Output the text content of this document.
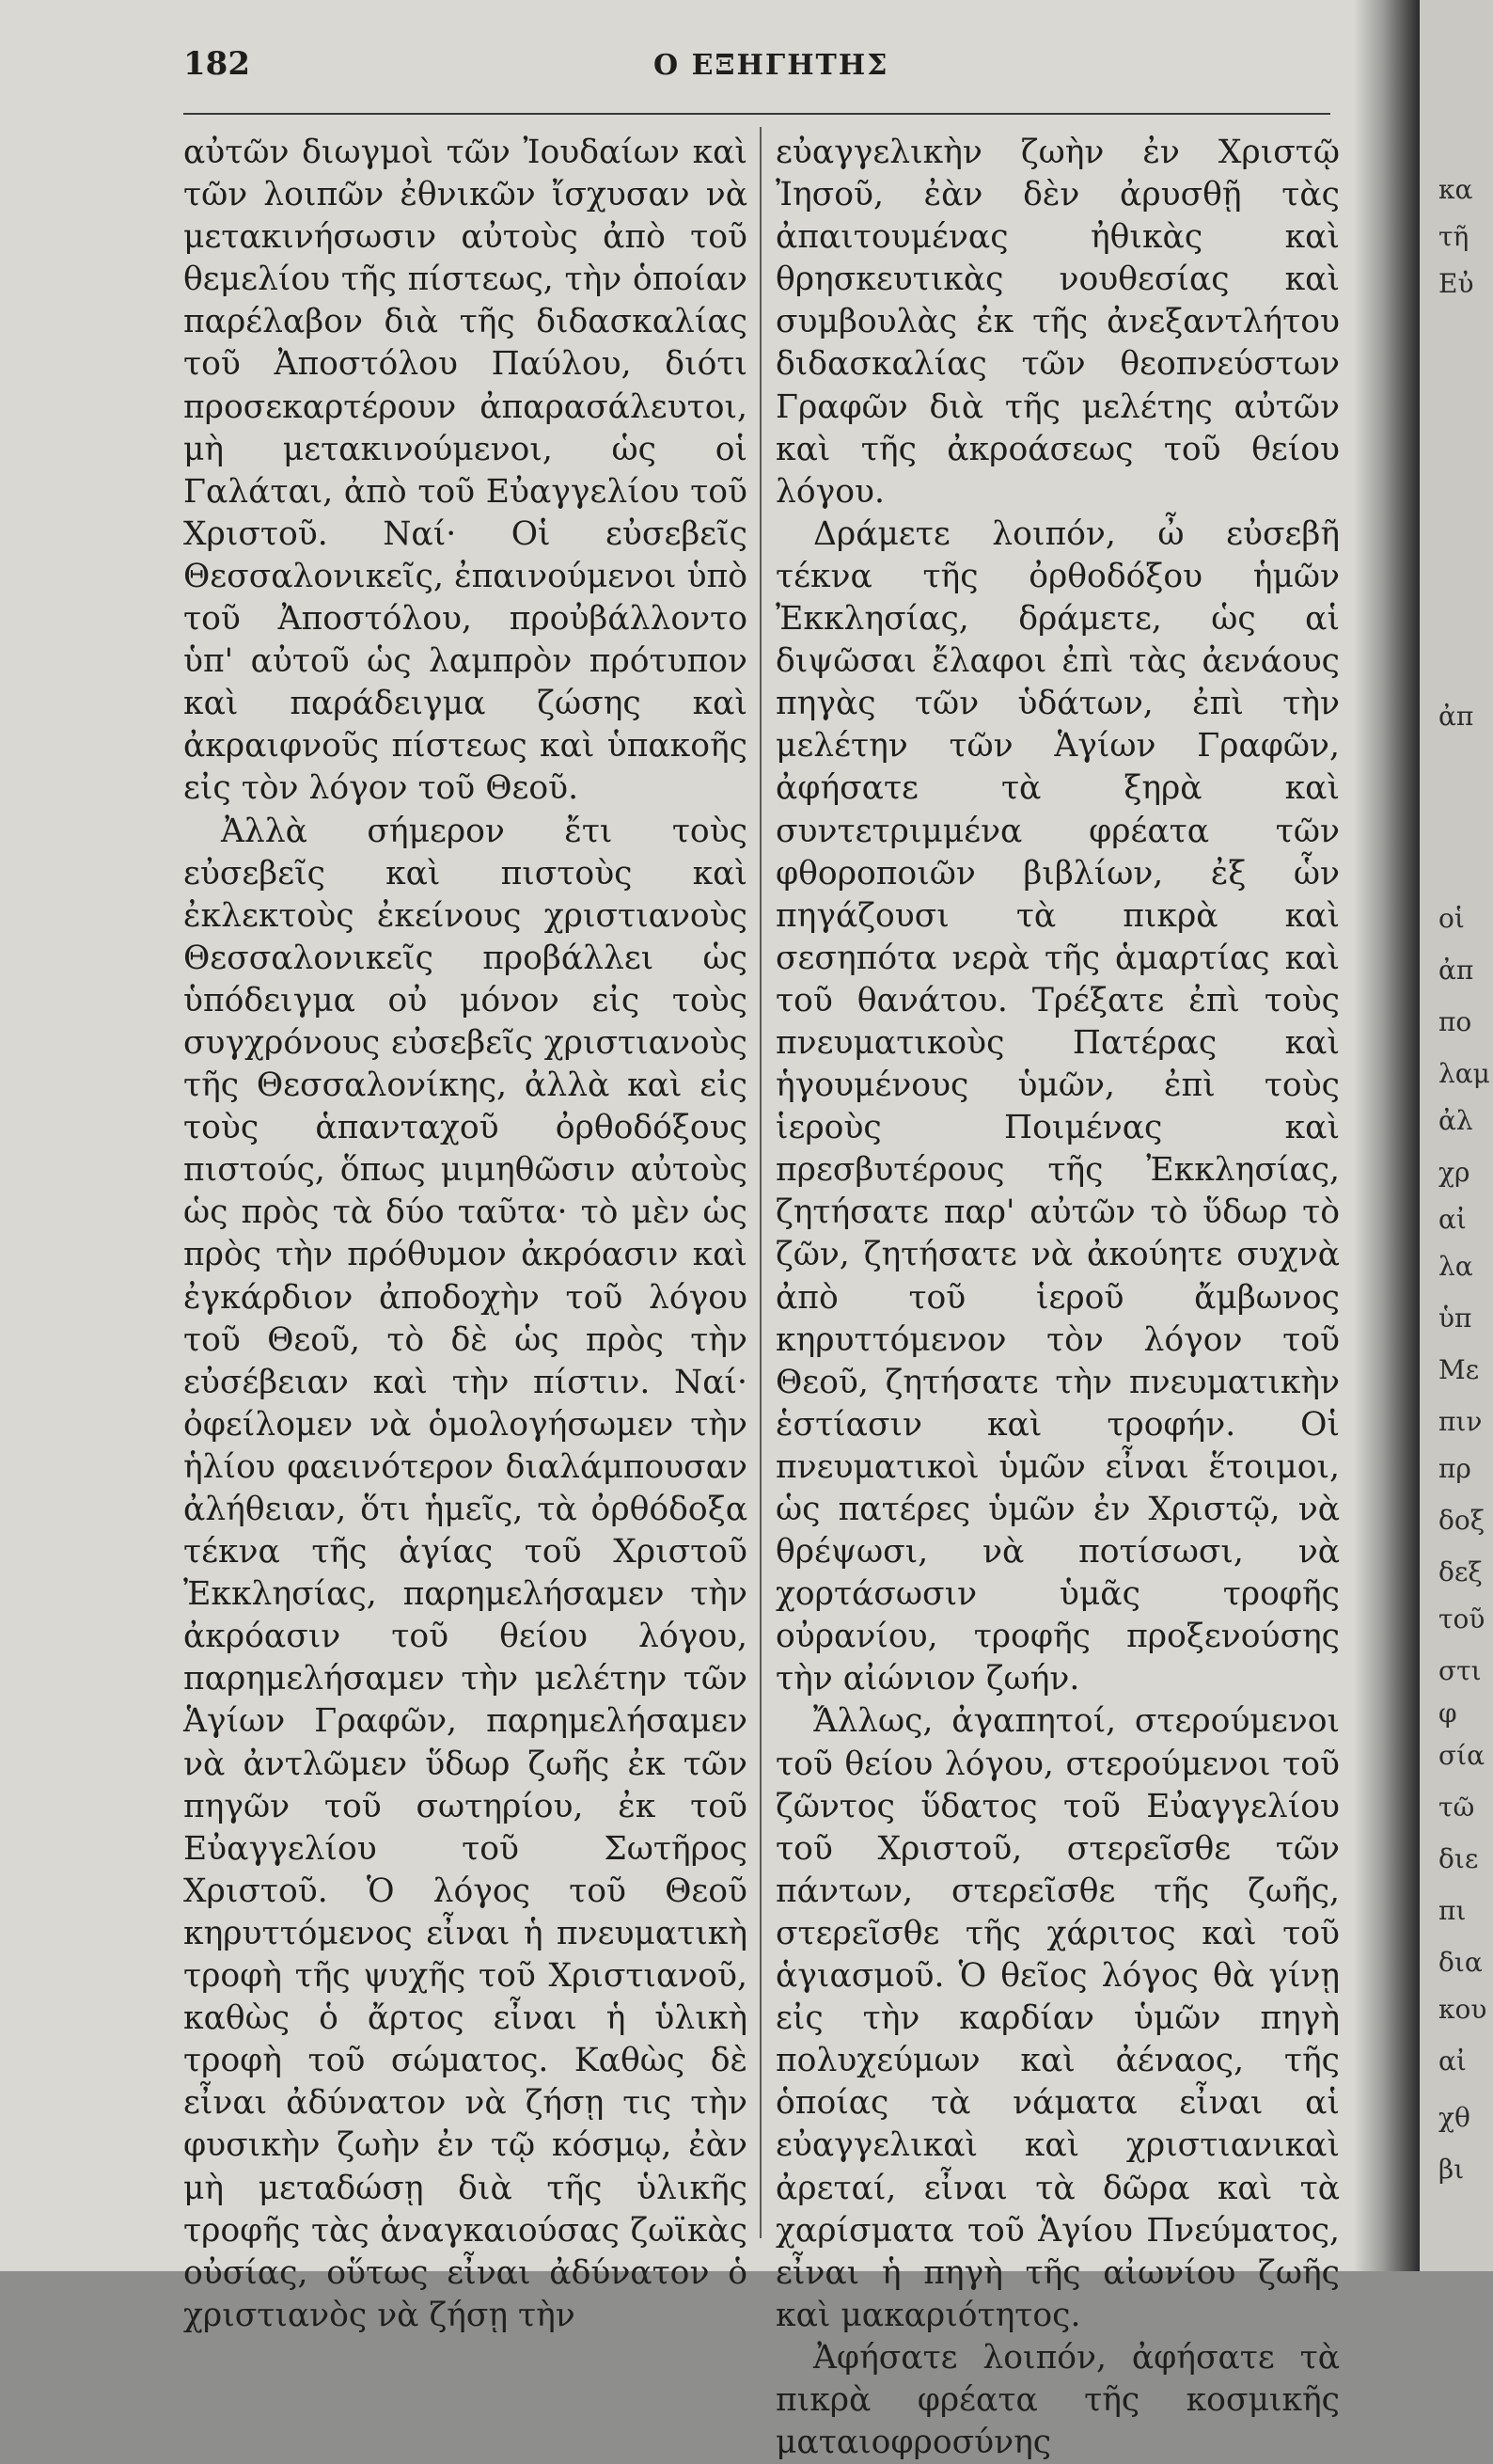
182	Ο ΕΞΗΓΗΤΗΣ

αὐτῶν διωγμοὶ τῶν Ἰουδαίων καὶ τῶν λοιπῶν ἐθνικῶν ἴσχυσαν νὰ μετακινήσωσιν αὐτοὺς ἀπὸ τοῦ θεμελίου τῆς πίστεως, τὴν ὁποίαν παρέλαβον διὰ τῆς διδασκαλίας τοῦ Ἀποστόλου Παύλου, διότι προσεκαρτέρουν ἀπαρασάλευτοι, μὴ μετακινούμενοι, ὡς οἱ Γαλάται, ἀπὸ τοῦ Εὐαγγελίου τοῦ Χριστοῦ. Ναί· Οἱ εὐσεβεῖς Θεσσαλονικεῖς, ἐπαινούμενοι ὑπὸ τοῦ Ἀποστόλου, προὐβάλλοντο ὑπ' αὐτοῦ ὡς λαμπρὸν πρότυπον καὶ παράδειγμα ζώσης καὶ ἀκραιφνοῦς πίστεως καὶ ὑπακοῆς εἰς τὸν λόγον τοῦ Θεοῦ.

Ἀλλὰ σήμερον ἔτι τοὺς εὐσεβεῖς καὶ πιστοὺς καὶ ἐκλεκτοὺς ἐκείνους χριστιανοὺς Θεσσαλονικεῖς προβάλλει ὡς ὑπόδειγμα οὐ μόνον εἰς τοὺς συγχρόνους εὐσεβεῖς χριστιανοὺς τῆς Θεσσαλονίκης, ἀλλὰ καὶ εἰς τοὺς ἁπανταχοῦ ὀρθοδόξους πιστούς, ὅπως μιμηθῶσιν αὐτοὺς ὡς πρὸς τὰ δύο ταῦτα· τὸ μὲν ὡς πρὸς τὴν πρόθυμον ἀκρόασιν καὶ ἐγκάρδιον ἀποδοχὴν τοῦ λόγου τοῦ Θεοῦ, τὸ δὲ ὡς πρὸς τὴν εὐσέβειαν καὶ τὴν πίστιν. Ναί· ὀφείλομεν νὰ ὁμολογήσωμεν τὴν ἡλίου φαεινότερον διαλάμπουσαν ἀλήθειαν, ὅτι ἡμεῖς, τὰ ὀρθόδοξα τέκνα τῆς ἁγίας τοῦ Χριστοῦ Ἐκκλησίας, παρημελήσαμεν τὴν ἀκρόασιν τοῦ θείου λόγου, παρημελήσαμεν τὴν μελέτην τῶν Ἁγίων Γραφῶν, παρημελήσαμεν νὰ ἀντλῶμεν ὕδωρ ζωῆς ἐκ τῶν πηγῶν τοῦ σωτηρίου, ἐκ τοῦ Εὐαγγελίου τοῦ Σωτῆρος Χριστοῦ. Ὁ λόγος τοῦ Θεοῦ κηρυττόμενος εἶναι ἡ πνευματικὴ τροφὴ τῆς ψυχῆς τοῦ Χριστιανοῦ, καθὼς ὁ ἄρτος εἶναι ἡ ὑλικὴ τροφὴ τοῦ σώματος. Καθὼς δὲ εἶναι ἀδύνατον νὰ ζήσῃ τις τὴν φυσικὴν ζωὴν ἐν τῷ κόσμῳ, ἐὰν μὴ μεταδώσῃ διὰ τῆς ὑλικῆς τροφῆς τὰς ἀναγκαιούσας ζωϊκὰς οὐσίας, οὕτως εἶναι ἀδύνατον ὁ χριστιανὸς νὰ ζήσῃ τὴν

εὐαγγελικὴν ζωὴν ἐν Χριστῷ Ἰησοῦ, ἐὰν δὲν ἀρυσθῇ τὰς ἀπαιτουμένας ἠθικὰς καὶ θρησκευτικὰς νουθεσίας καὶ συμβουλὰς ἐκ τῆς ἀνεξαντλήτου διδασκαλίας τῶν θεοπνεύστων Γραφῶν διὰ τῆς μελέτης αὐτῶν καὶ τῆς ἀκροάσεως τοῦ θείου λόγου.

Δράμετε λοιπόν, ὦ εὐσεβῆ τέκνα τῆς ὀρθοδόξου ἡμῶν Ἐκκλησίας, δράμετε, ὡς αἱ διψῶσαι ἔλαφοι ἐπὶ τὰς ἀενάους πηγὰς τῶν ὑδάτων, ἐπὶ τὴν μελέτην τῶν Ἁγίων Γραφῶν, ἀφήσατε τὰ ξηρὰ καὶ συντετριμμένα φρέατα τῶν φθοροποιῶν βιβλίων, ἐξ ὧν πηγάζουσι τὰ πικρὰ καὶ σεσηπότα νερὰ τῆς ἁμαρτίας καὶ τοῦ θανάτου. Τρέξατε ἐπὶ τοὺς πνευματικοὺς Πατέρας καὶ ἡγουμένους ὑμῶν, ἐπὶ τοὺς ἱεροὺς Ποιμένας καὶ πρεσβυτέρους τῆς Ἐκκλησίας, ζητήσατε παρ' αὐτῶν τὸ ὕδωρ τὸ ζῶν, ζητήσατε νὰ ἀκούητε συχνὰ ἀπὸ τοῦ ἱεροῦ ἄμβωνος κηρυττόμενον τὸν λόγον τοῦ Θεοῦ, ζητήσατε τὴν πνευματικὴν ἑστίασιν καὶ τροφήν. Οἱ πνευματικοὶ ὑμῶν εἶναι ἕτοιμοι, ὡς πατέρες ὑμῶν ἐν Χριστῷ, νὰ θρέψωσι, νὰ ποτίσωσι, νὰ χορτάσωσιν ὑμᾶς τροφῆς οὐρανίου, τροφῆς προξενούσης τὴν αἰώνιον ζωήν.

Ἄλλως, ἀγαπητοί, στερούμενοι τοῦ θείου λόγου, στερούμενοι τοῦ ζῶντος ὕδατος τοῦ Εὐαγγελίου τοῦ Χριστοῦ, στερεῖσθε τῶν πάντων, στερεῖσθε τῆς ζωῆς, στερεῖσθε τῆς χάριτος καὶ τοῦ ἁγιασμοῦ. Ὁ θεῖος λόγος θὰ γίνῃ εἰς τὴν καρδίαν ὑμῶν πηγὴ πολυχεύμων καὶ ἀέναος, τῆς ὁποίας τὰ νάματα εἶναι αἱ εὐαγγελικαὶ καὶ χριστιανικαὶ ἀρεταί, εἶναι τὰ δῶρα καὶ τὰ χαρίσματα τοῦ Ἁγίου Πνεύματος, εἶναι ἡ πηγὴ τῆς αἰωνίου ζωῆς καὶ μακαριότητος.

Ἀφήσατε λοιπόν, ἀφήσατε τὰ πικρὰ φρέατα τῆς κοσμικῆς ματαιοφροσύνης

κα
τῆ
Εὐ
ἀπ
οἱ
ἀπ
πο
λαμ
ἀλ
χρ
αἰ
λα
ὑπ
Με
πιν
πρ
δοξ
δεξ
τοῦ
στι
φ
σία
τῶ
διε
πι
δια
κου
αἰ
χθ
βι
